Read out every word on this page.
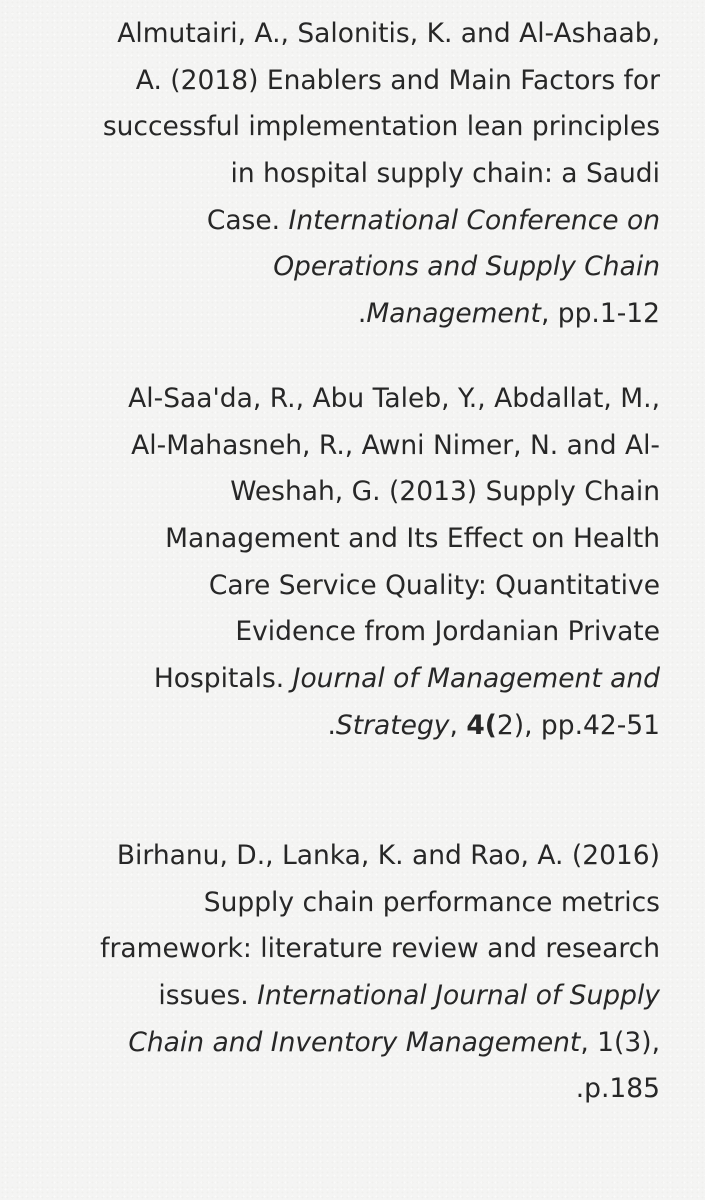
Almutairi, A., Salonitis, K. and Al-Ashaab,
A. (2018) Enablers and Main Factors for
successful implementation lean principles
in hospital supply chain: a Saudi
Case. International Conference on
Operations and Supply Chain
.Management, pp.1-12
Al-Saa'da, R., Abu Taleb, Y., Abdallat, M.,
Al-Mahasneh, R., Awni Nimer, N. and Al-
Weshah, G. (2013) Supply Chain
Management and Its Effect on Health
Care Service Quality: Quantitative
Evidence from Jordanian Private
Hospitals. Journal of Management and
.Strategy, 4(2), pp.42-51
Birhanu, D., Lanka, K. and Rao, A. (2016)
Supply chain performance metrics
framework: literature review and research
issues. International Journal of Supply
Chain and Inventory Management, 1(3),
.p.185
